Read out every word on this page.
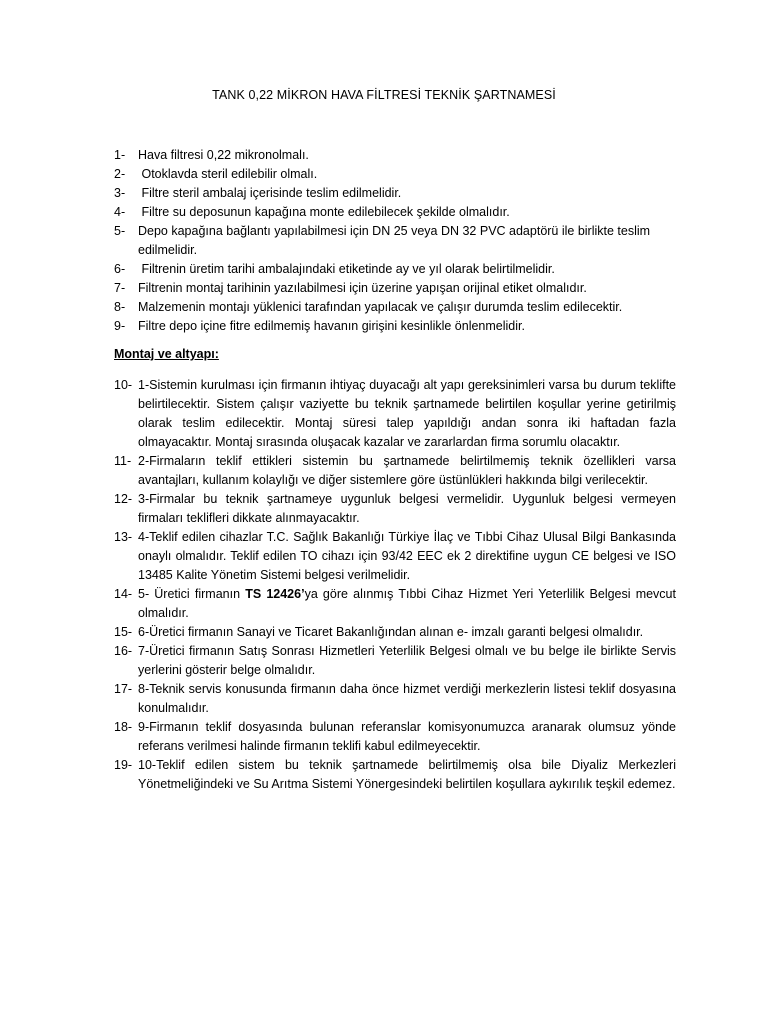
TANK 0,22 MİKRON HAVA FİLTRESİ TEKNİK ŞARTNAMESİ
1- Hava filtresi 0,22 mikronolmalı.
2- Otoklavda steril edilebilir olmalı.
3- Filtre steril ambalaj içerisinde teslim edilmelidir.
4- Filtre su deposunun kapağına monte edilebilecek şekilde olmalıdır.
5- Depo kapağına bağlantı yapılabilmesi için DN 25 veya DN 32 PVC adaptörü ile birlikte teslim edilmelidir.
6- Filtrenin üretim tarihi ambalajındaki etiketinde ay ve yıl olarak belirtilmelidir.
7- Filtrenin montaj tarihinin yazılabilmesi için üzerine yapışan orijinal etiket olmalıdır.
8- Malzemenin montajı yüklenici tarafından yapılacak ve çalışır durumda teslim edilecektir.
9- Filtre depo içine fitre edilmemiş havanın girişini kesinlikle önlenmelidir.
Montaj ve altyapı:
10- 1-Sistemin kurulması için firmanın ihtiyaç duyacağı alt yapı gereksinimleri varsa bu durum teklifte belirtilecektir. Sistem çalışır vaziyette bu teknik şartnamede belirtilen koşullar yerine getirilmiş olarak teslim edilecektir. Montaj süresi talep yapıldığı andan sonra iki haftadan fazla olmayacaktır. Montaj sırasında oluşacak kazalar ve zararlardan firma sorumlu olacaktır.
11- 2-Firmaların teklif ettikleri sistemin bu şartnamede belirtilmemiş teknik özellikleri varsa avantajları, kullanım kolaylığı ve diğer sistemlere göre üstünlükleri hakkında bilgi verilecektir.
12- 3-Firmalar bu teknik şartnameye uygunluk belgesi vermelidir. Uygunluk belgesi vermeyen firmaları teklifleri dikkate alınmayacaktır.
13- 4-Teklif edilen cihazlar T.C. Sağlık Bakanlığı Türkiye İlaç ve Tıbbi Cihaz Ulusal Bilgi Bankasında onaylı olmalıdır. Teklif edilen TO cihazı için 93/42 EEC ek 2 direktifine uygun CE belgesi ve ISO 13485 Kalite Yönetim Sistemi belgesi verilmelidir.
14- 5- Üretici firmanın TS 12426’ya göre alınmış Tıbbi Cihaz Hizmet Yeri Yeterlilik Belgesi mevcut olmalıdır.
15- 6-Üretici firmanın Sanayi ve Ticaret Bakanlığından alınan e- imzalı garanti belgesi olmalıdır.
16- 7-Üretici firmanın Satış Sonrası Hizmetleri Yeterlilik Belgesi olmalı ve bu belge ile birlikte Servis yerlerini gösterir belge olmalıdır.
17- 8-Teknik servis konusunda firmanın daha önce hizmet verdiği merkezlerin listesi teklif dosyasına konulmalıdır.
18- 9-Firmanın teklif dosyasında bulunan referanslar komisyonumuzca aranarak olumsuz yönde referans verilmesi halinde firmanın teklifi kabul edilmeyecektir.
19- 10-Teklif edilen sistem bu teknik şartnamede belirtilmemiş olsa bile Diyaliz Merkezleri Yönetmeliğindeki ve Su Arıtma Sistemi Yönergesindeki belirtilen koşullara aykırılık teşkil edemez.
